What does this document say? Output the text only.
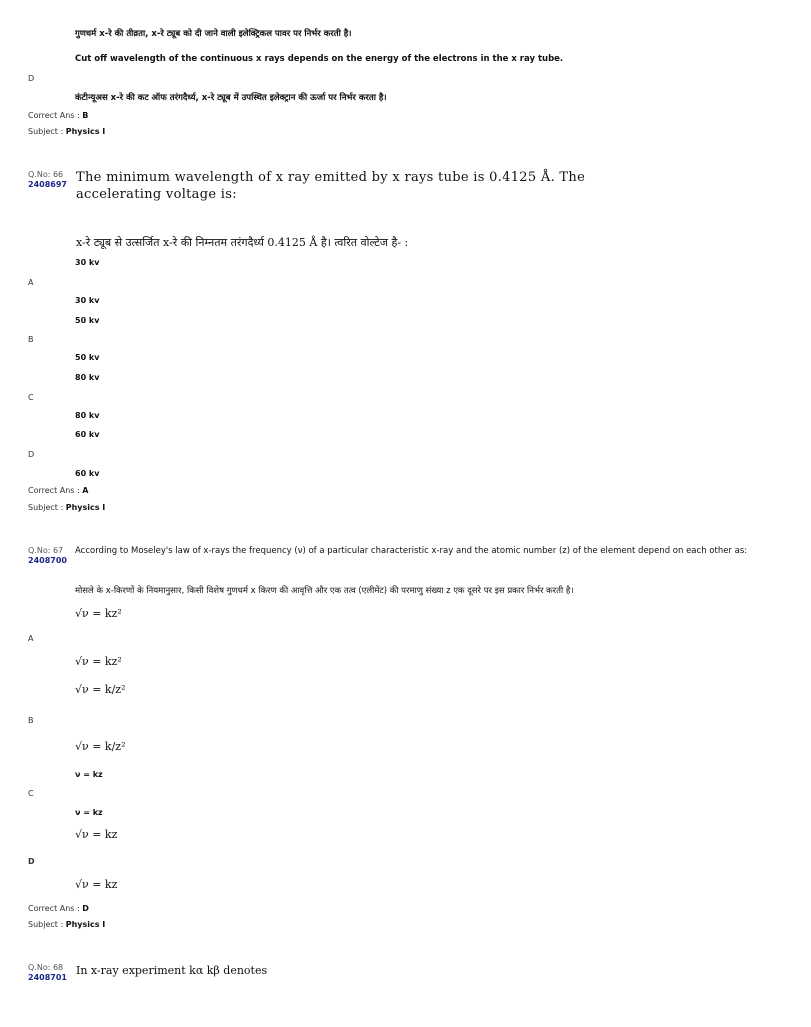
गुणधर्म x-रे की तीव्रता, x-रे ट्यूब को दी जाने वाली इलेक्ट्रिकल पावर पर निर्भर करती है।
Cut off wavelength of the continuous x rays depends on the energy of the electrons in the x ray tube.
D
कंटीन्यूअस x-रे की कट ऑफ तरंगदैर्ध्य, x-रे ट्यूब में उपस्थित इलेक्ट्रान की ऊर्जा पर निर्भर करता है।
Correct Ans : B
Subject : Physics I
Q.No: 66
2408697 The minimum wavelength of x ray emitted by x rays tube is 0.4125 Å. The
accelerating voltage is:
x-रे ट्यूब से उत्सर्जित x-रे की निम्नतम तरंगदैर्ध्य 0.4125 Å है। त्वरित वोल्टेज है- :
30 kv
A
30 kv
50 kv
B
50 kv
80 kv
C
80 kv
60 kv
D
60 kv
Correct Ans : A
Subject : Physics I
Q.No: 67
2408700
According to Moseley's law of x-rays the frequency (ν) of a particular characteristic x-ray and the atomic number (z) of the element depend on each other as:
मोसले के x-किरणों के नियमानुसार, किसी विशेष गुणधर्म x किरण की आवृत्ति और एक तत्व (एलीमेंट) की परमाणु संख्या z एक दूसरे पर इस प्रकार निर्भर करती है।
√ν = kz²
A
√ν = kz²
√ν = k/z²
B
√ν = k/z²
ν = kz
C
ν = kz
√ν = kz
D
√ν = kz
Correct Ans : D
Subject : Physics I
Q.No: 68
2408701
In x-ray experiment kα kβ denotes
